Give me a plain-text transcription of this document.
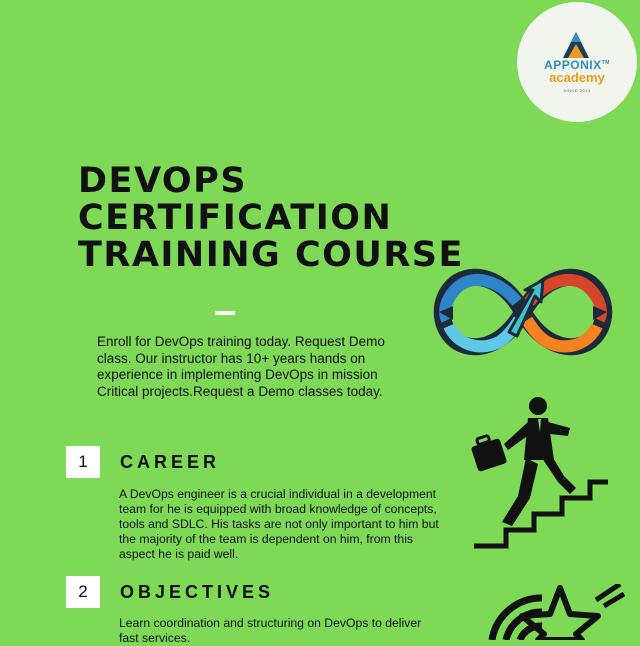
APPONIX™
academy
SINCE 2013
DEVOPS
CERTIFICATION
TRAINING COURSE

Enroll for DevOps training today. Request Demo class. Our instructor has 10+ years hands on experience in implementing DevOps in mission Critical projects.Request a Demo classes today.

1	CAREER

A DevOps engineer is a crucial individual in a development team for he is equipped with broad knowledge of concepts, tools and SDLC. His tasks are not only important to him but the majority of the team is dependent on him, from this aspect he is paid well.

2	OBJECTIVES

Learn coordination and structuring on DevOps to deliver fast services.
